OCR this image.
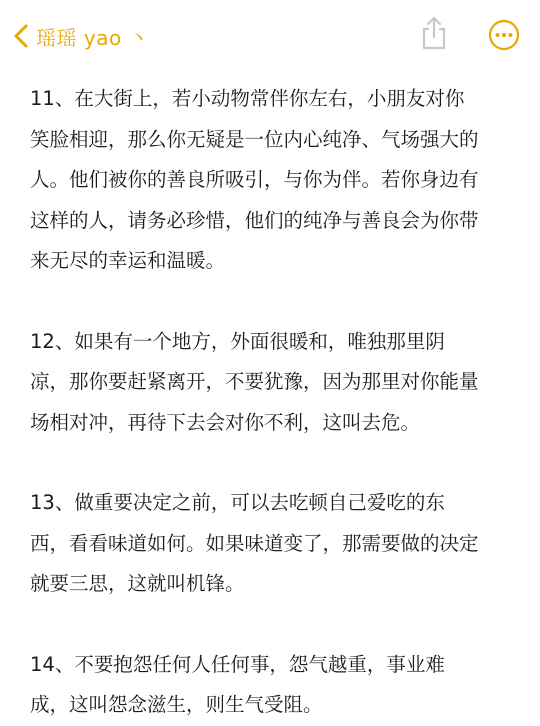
瑶瑶 yao 丶

11、在大街上，若小动物常伴你左右，小朋友对你
笑脸相迎，那么你无疑是一位内心纯净、气场强大的
人。他们被你的善良所吸引，与你为伴。若你身边有
这样的人，请务必珍惜，他们的纯净与善良会为你带
来无尽的幸运和温暖。

12、如果有一个地方，外面很暖和，唯独那里阴
凉，那你要赶紧离开，不要犹豫，因为那里对你能量
场相对冲，再待下去会对你不利，这叫去危。

13、做重要决定之前，可以去吃顿自己爱吃的东
西，看看味道如何。如果味道变了，那需要做的决定
就要三思，这就叫机锋。

14、不要抱怨任何人任何事，怨气越重，事业难
成，这叫怨念滋生，则生气受阻。
